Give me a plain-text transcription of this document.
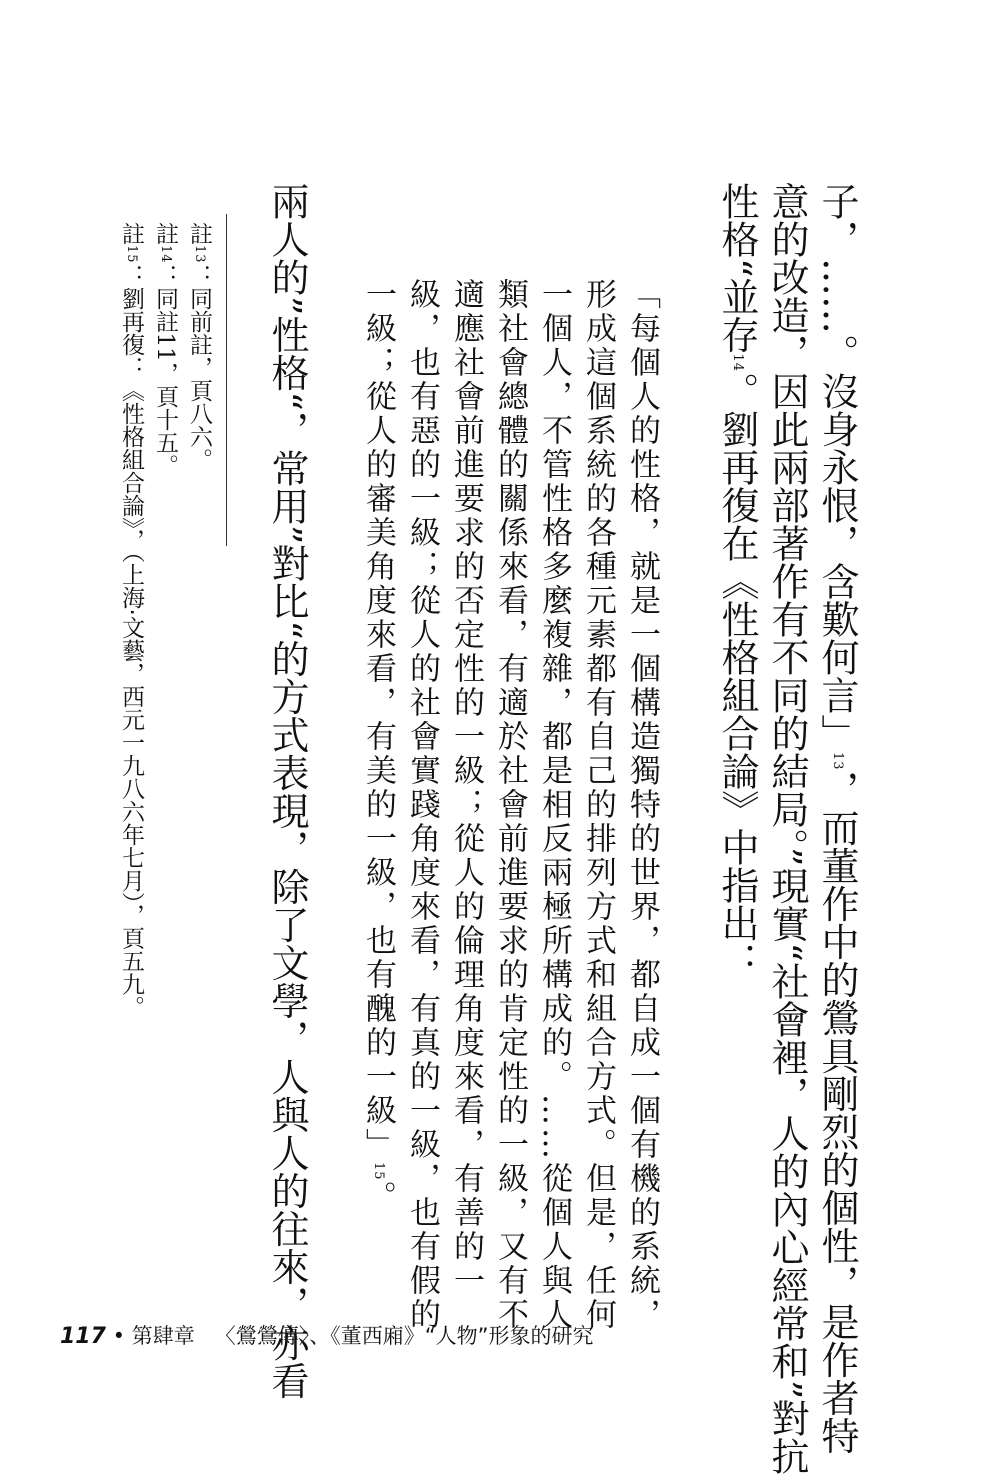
子，……。沒身永恨，含歎何言」13，而董作中的鶯具剛烈的個性，是作者特

意的改造，因此兩部著作有不同的結局。”現實“社會裡，人的內心經常和”對抗

性格“並存14。劉再復在《性格組合論》中指出：

「每個人的性格，就是一個構造獨特的世界，都自成一個有機的系統，

形成這個系統的各種元素都有自己的排列方式和組合方式。但是，任何

一個人，不管性格多麼複雜，都是相反兩極所構成的。……從個人與人

類社會總體的關係來看，有適於社會前進要求的肯定性的一級，又有不

適應社會前進要求的否定性的一級；從人的倫理角度來看，有善的一

級，也有惡的一級；從人的社會實踐角度來看，有真的一級，也有假的

一級；從人的審美角度來看，有美的一級，也有醜的一級」15。

兩人的”性格“，常用”對比“的方式表現，除了文學，人與人的往來，亦看

註13：同前註，頁八六。

註14：同註11，頁十五。

註15：劉再復：《性格組合論》，（上海‧文藝，西元一九八六年七月），頁五九。

117 • 第肆章 〈鶯鶯傳〉、《董西廂》“人物”形象的研究
